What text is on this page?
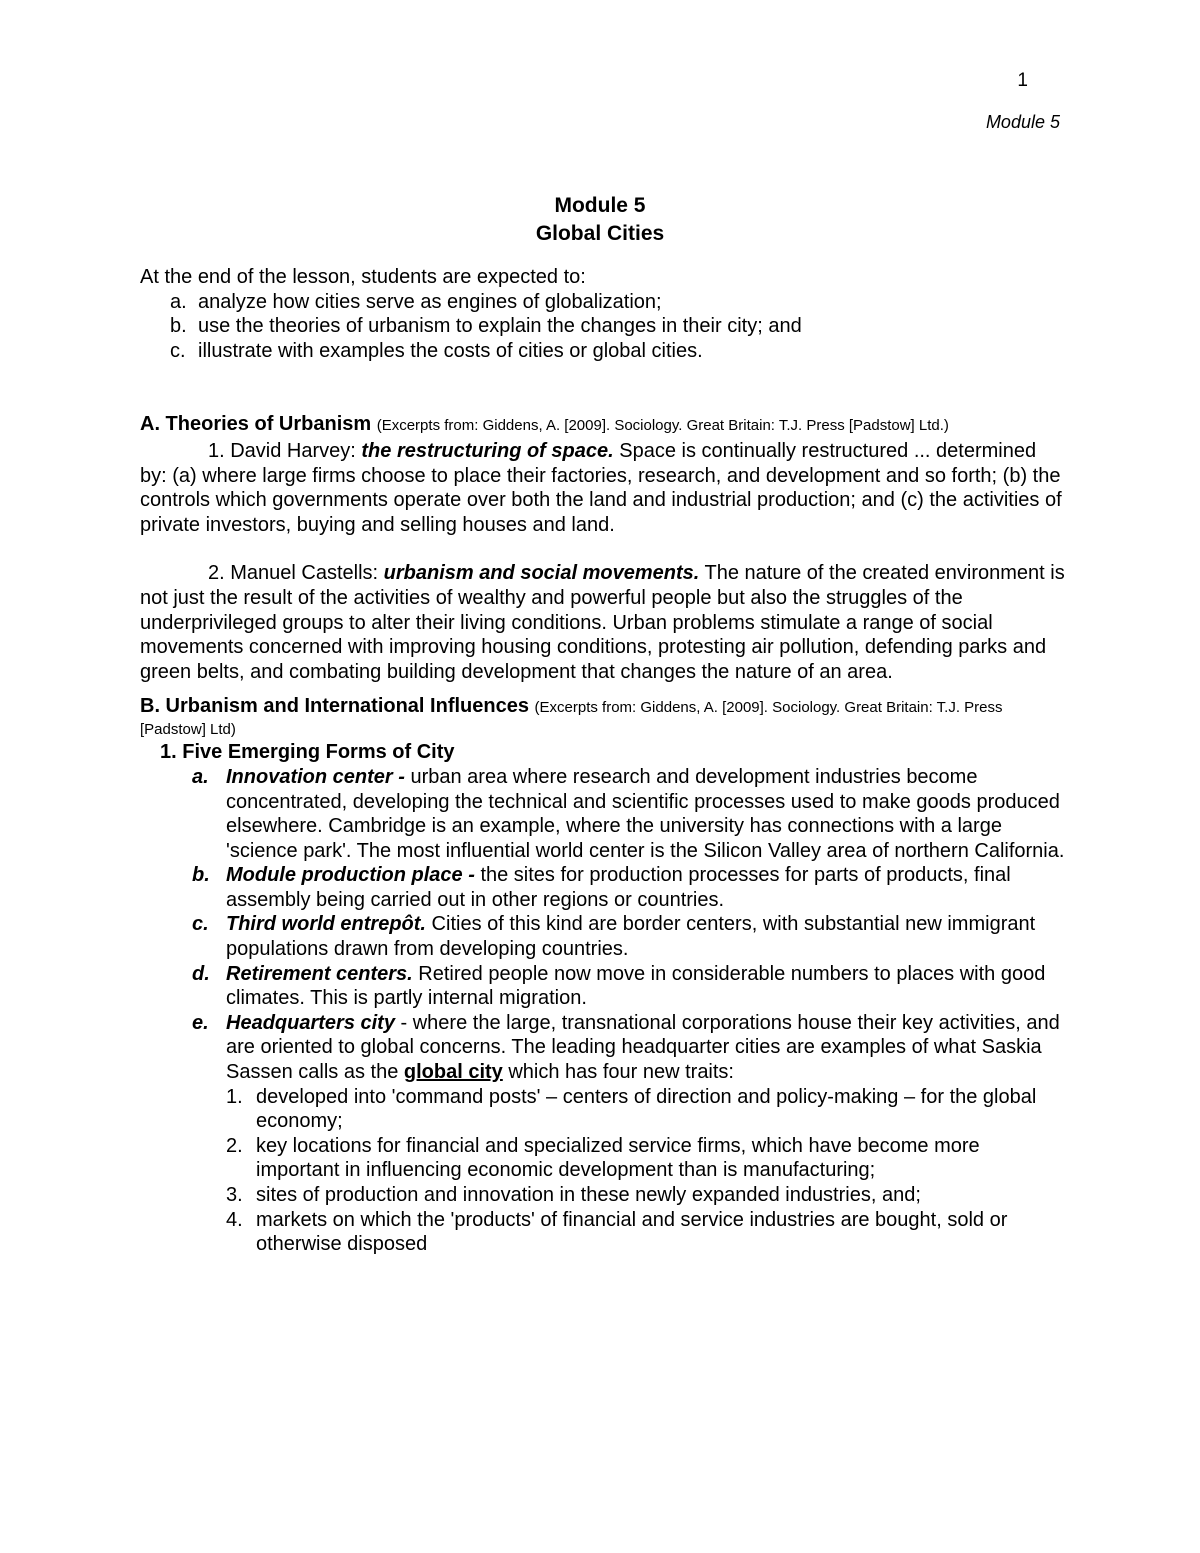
1
Module 5
Module 5
Global Cities

At the end of the lesson, students are expected to:

a. analyze how cities serve as engines of globalization;
b. use the theories of urbanism to explain the changes in their city; and
c. illustrate with examples the costs of cities or global cities.

A. Theories of Urbanism (Excerpts from: Giddens, A. [2009]. Sociology. Great Britain: T.J. Press [Padstow] Ltd.)

1. David Harvey: the restructuring of space. Space is continually restructured ... determined by: (a) where large firms choose to place their factories, research, and development and so forth; (b) the controls which governments operate over both the land and industrial production; and (c) the activities of private investors, buying and selling houses and land.

2. Manuel Castells: urbanism and social movements. The nature of the created environment is not just the result of the activities of wealthy and powerful people but also the struggles of the underprivileged groups to alter their living conditions. Urban problems stimulate a range of social movements concerned with improving housing conditions, protesting air pollution, defending parks and green belts, and combating building development that changes the nature of an area.

B. Urbanism and International Influences (Excerpts from: Giddens, A. [2009]. Sociology. Great Britain: T.J. Press [Padstow] Ltd)

1. Five Emerging Forms of City

a. Innovation center - urban area where research and development industries become concentrated, developing the technical and scientific processes used to make goods produced elsewhere. Cambridge is an example, where the university has connections with a large 'science park'. The most influential world center is the Silicon Valley area of northern California.
b. Module production place - the sites for production processes for parts of products, final assembly being carried out in other regions or countries.
c. Third world entrepôt. Cities of this kind are border centers, with substantial new immigrant populations drawn from developing countries.
d. Retirement centers. Retired people now move in considerable numbers to places with good climates. This is partly internal migration.
e. Headquarters city - where the large, transnational corporations house their key activities, and are oriented to global concerns. The leading headquarter cities are examples of what Saskia Sassen calls as the global city which has four new traits:
1. developed into 'command posts' – centers of direction and policy-making – for the global economy;
2. key locations for financial and specialized service firms, which have become more important in influencing economic development than is manufacturing;
3. sites of production and innovation in these newly expanded industries, and;
4. markets on which the 'products' of financial and service industries are bought, sold or otherwise disposed
